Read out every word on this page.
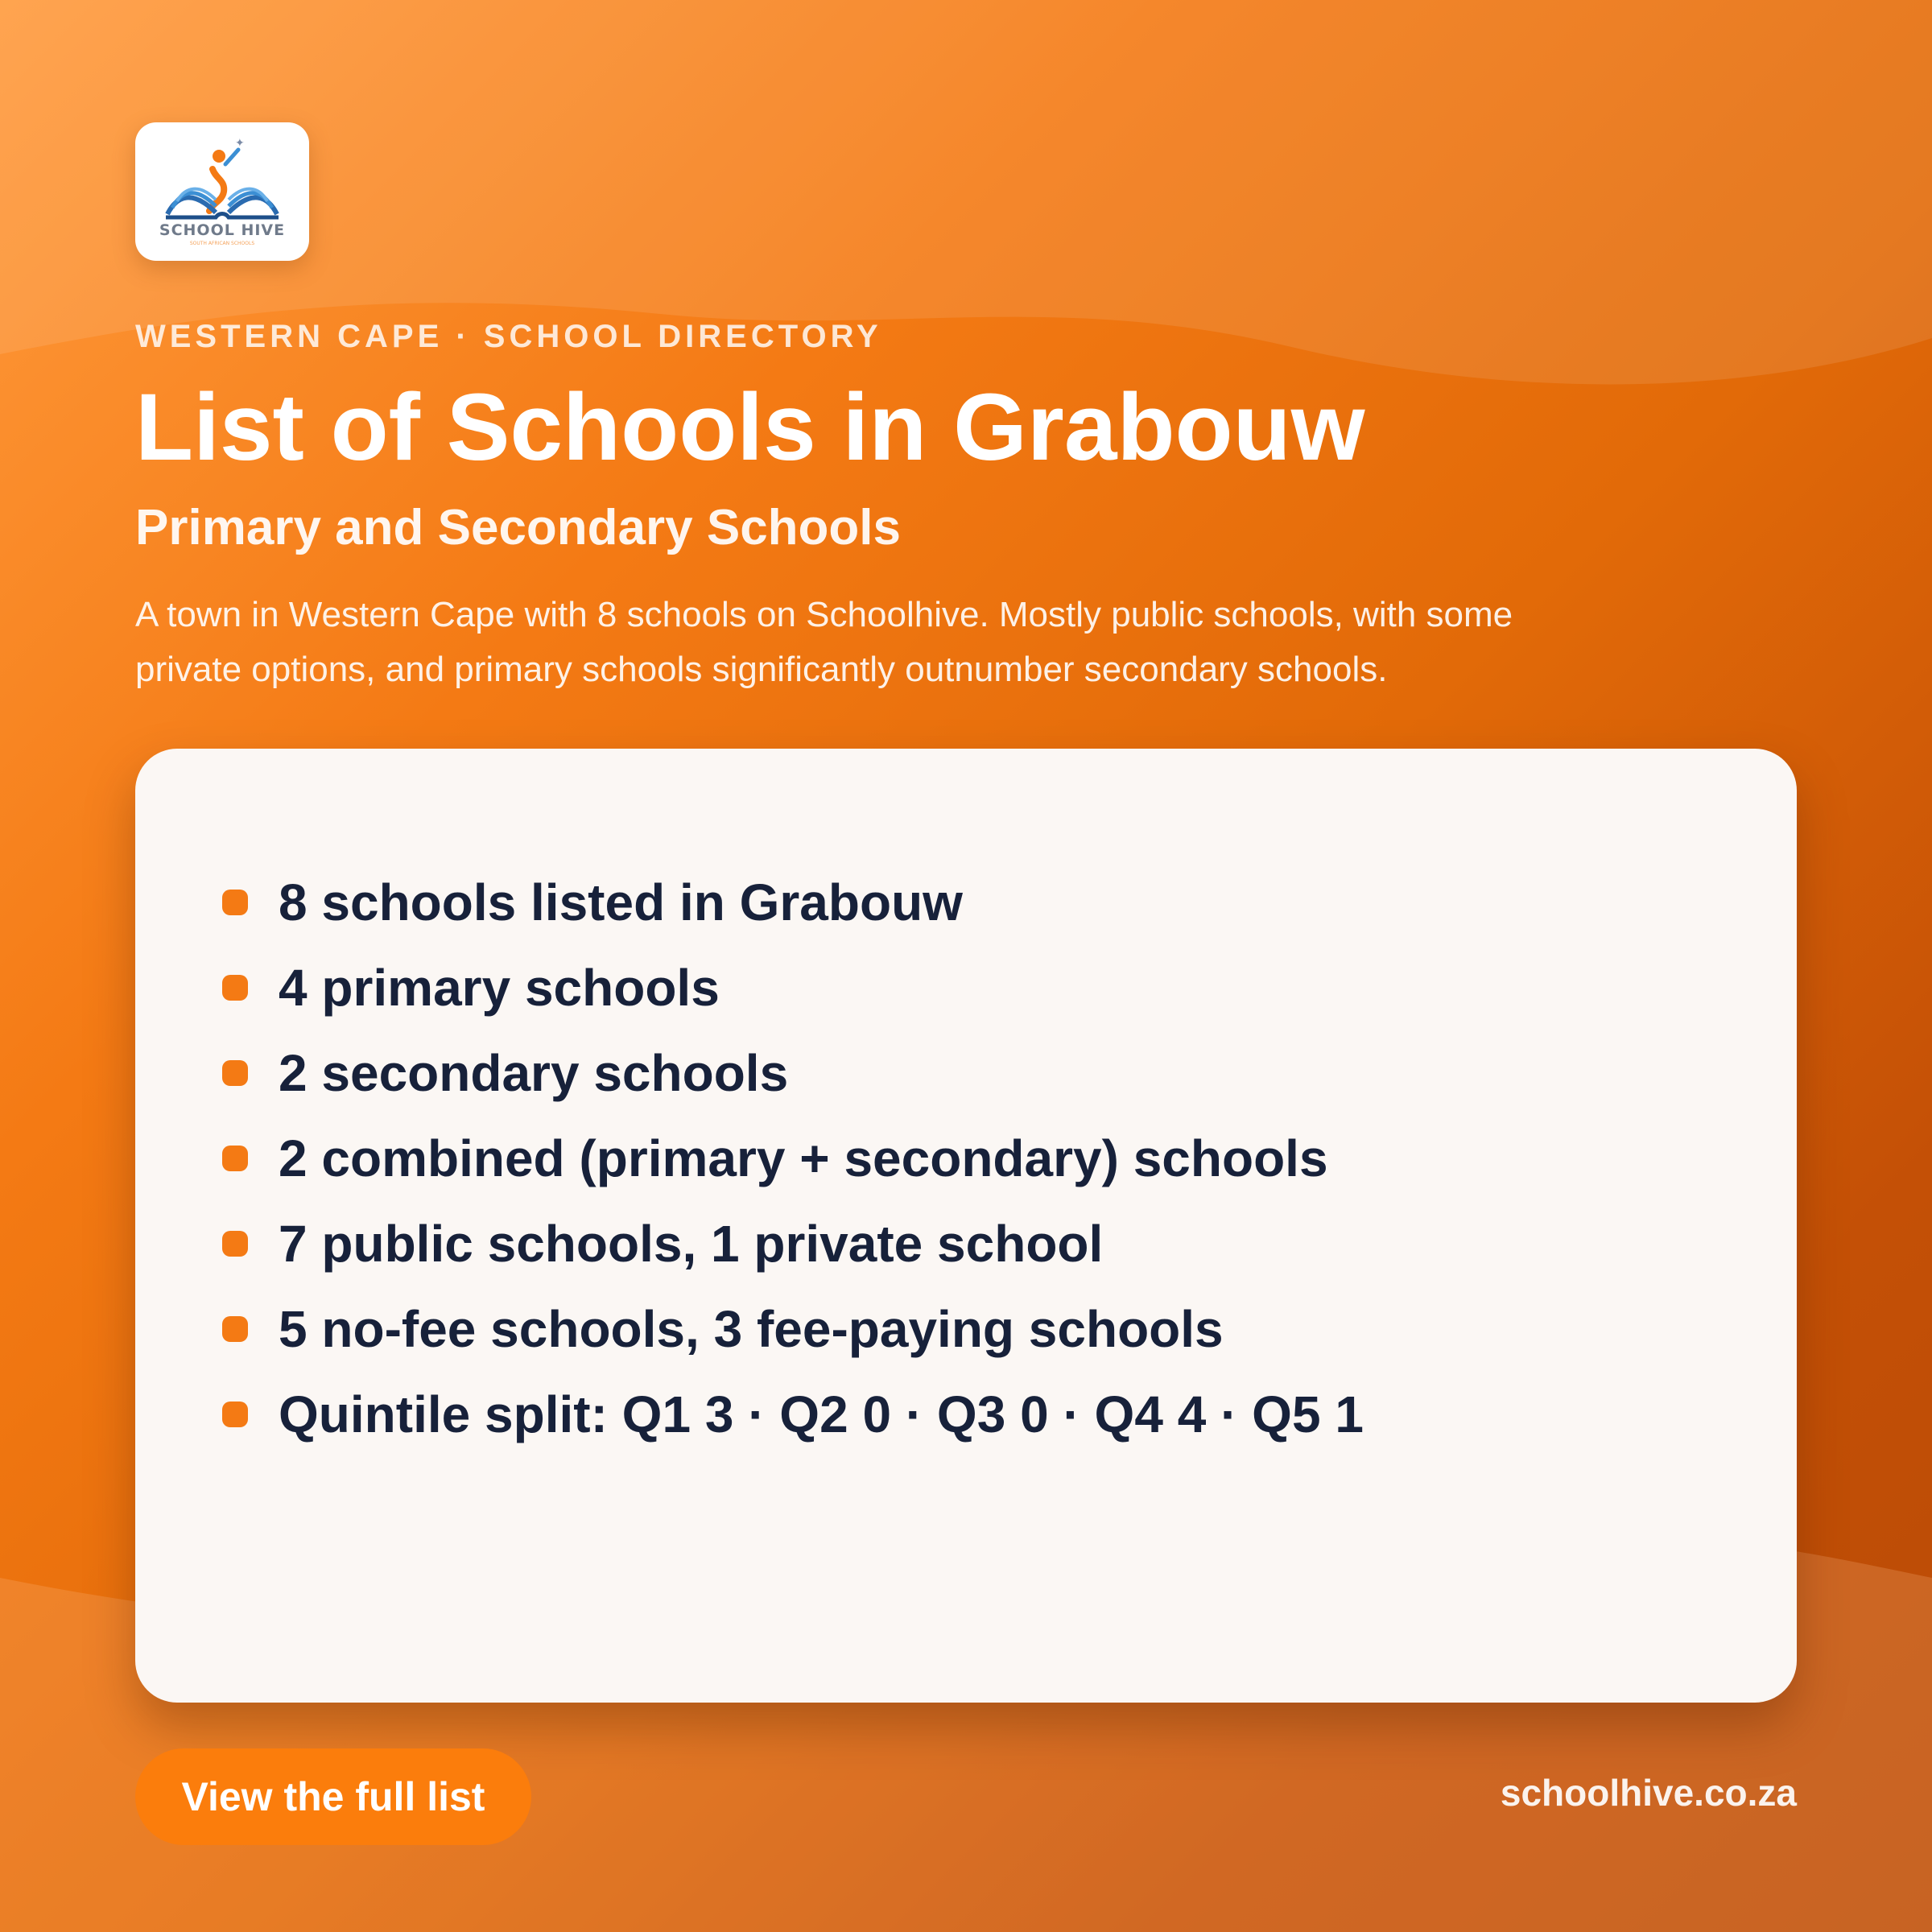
✦
SCHOOL HIVE
SOUTH AFRICAN SCHOOLS
WESTERN CAPE · SCHOOL DIRECTORY
List of Schools in Grabouw
Primary and Secondary Schools

A town in Western Cape with 8 schools on Schoolhive. Mostly public schools, with some private options, and primary schools significantly outnumber secondary schools.

8 schools listed in Grabouw
4 primary schools
2 secondary schools
2 combined (primary + secondary) schools
7 public schools, 1 private school
5 no-fee schools, 3 fee-paying schools
Quintile split: Q1 3 · Q2 0 · Q3 0 · Q4 4 · Q5 1
View the full list	schoolhive.co.za
